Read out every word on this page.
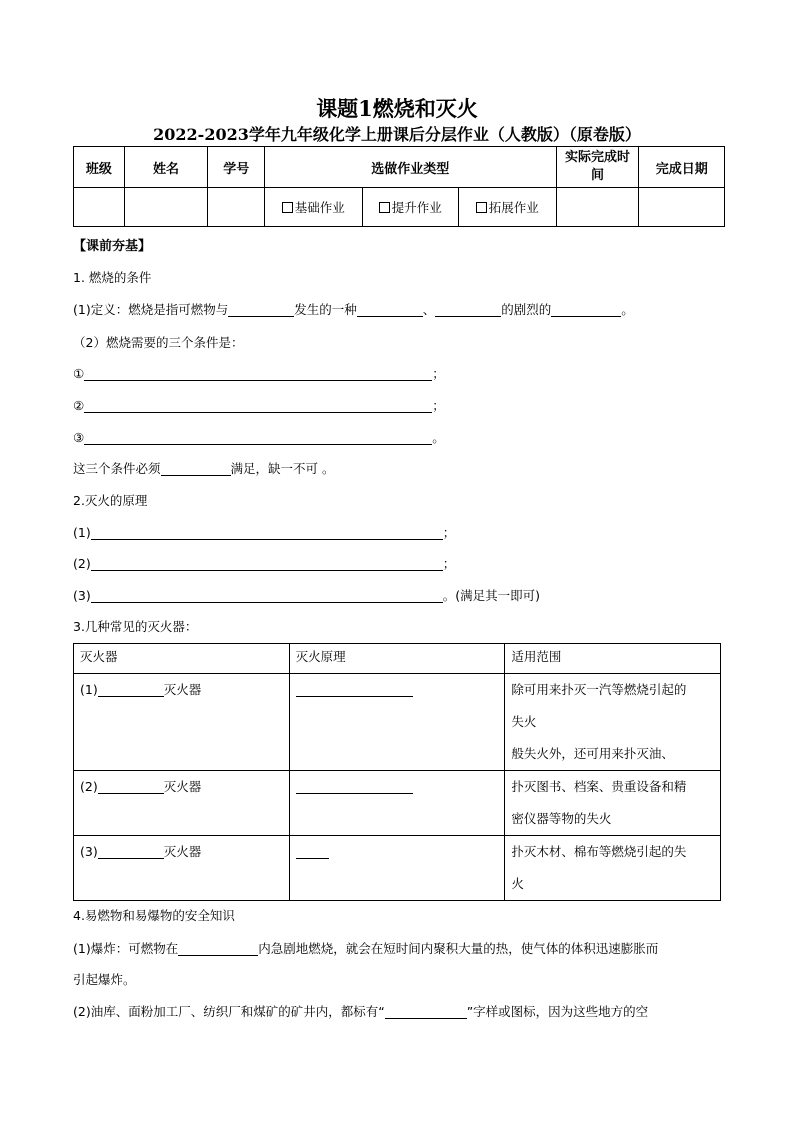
课题1燃烧和灭火
2022-2023学年九年级化学上册课后分层作业（人教版）（原卷版）
班级	姓名	学号	选做作业类型			实际完成时间	完成日期
			基础作业	提升作业	拓展作业		
【课前夯基】
1. 燃烧的条件
(1)定义：燃烧是指可燃物与	发生的一种	、	的剧烈的	。
（2）燃烧需要的三个条件是：
①	；
②	；
③	。
这三个条件必须	满足，缺一不可 。
2.灭火的原理
(1)	；
(2)	；
(3)	。(满足其一即可)
3.几种常见的灭火器：
灭火器	灭火原理	适用范围
(1) 灭火器		除可用来扑灭一汽等燃烧引起的
失火
般失火外，还可用来扑灭油、

(2) 灭火器		扑灭图书、档案、贵重设备和精
密仪器等物的失火

(3) 灭火器		扑灭木材、棉布等燃烧引起的失
火
4.易燃物和易爆物的安全知识
(1)爆炸：可燃物在	内急剧地燃烧，就会在短时间内聚积大量的热，使气体的体积迅速膨胀而
引起爆炸。
(2)油库、面粉加工厂、纺织厂和煤矿的矿井内，都标有“	”字样或图标，因为这些地方的空
